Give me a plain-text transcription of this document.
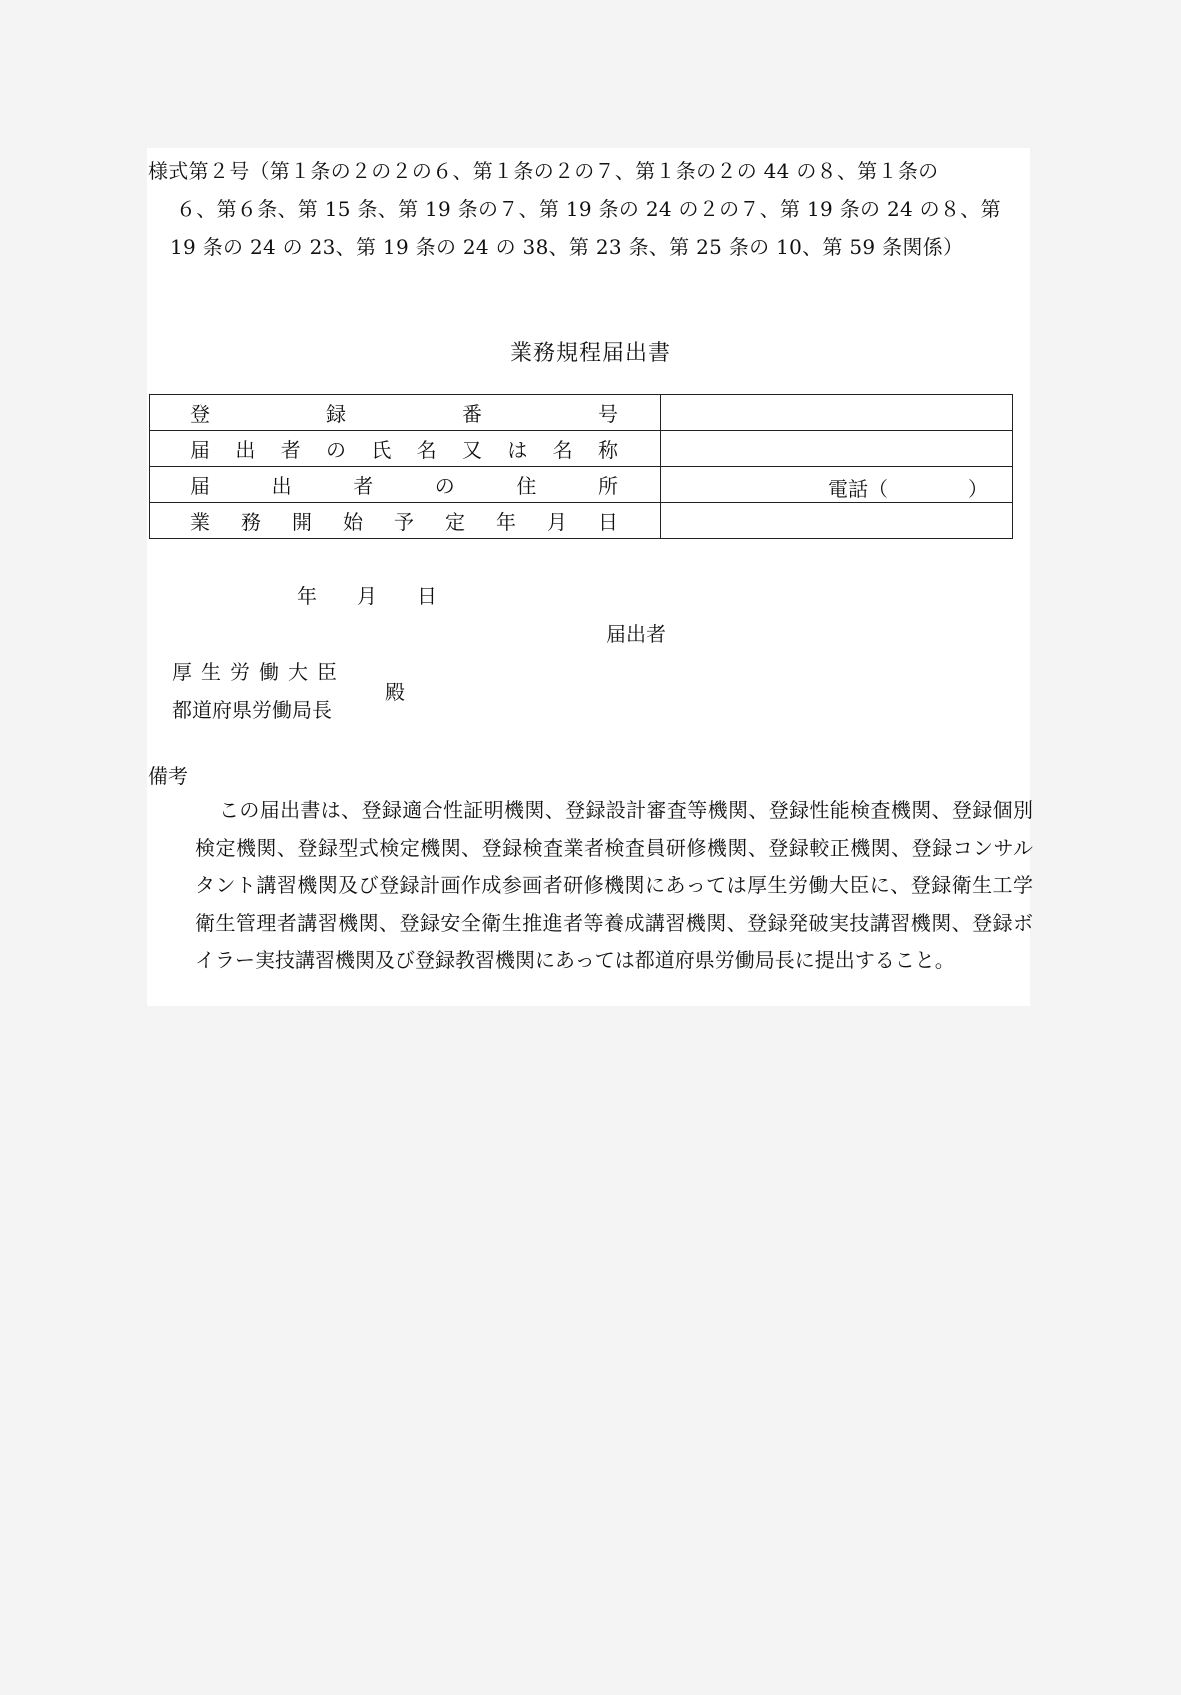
様式第２号（第１条の２の２の６、第１条の２の７、第１条の２の 44 の８、第１条の
６、第６条、第 15 条、第 19 条の７、第 19 条の 24 の２の７、第 19 条の 24 の８、第
19 条の 24 の 23、第 19 条の 24 の 38、第 23 条、第 25 条の 10、第 59 条関係）
業務規程届出書
登録番号	
届出者の氏名又は名称	
届出者の住所	電話（　　　　）

業務開始予定年月日	
年　　月　　日
届出者
厚生労働大臣
都道府県労働局長
殿
備考
この届出書は、登録適合性証明機関、登録設計審査等機関、登録性能検査機関、登録個別検定機関、登録型式検定機関、登録検査業者検査員研修機関、登録較正機関、登録コンサルタント講習機関及び登録計画作成参画者研修機関にあっては厚生労働大臣に、登録衛生工学衛生管理者講習機関、登録安全衛生推進者等養成講習機関、登録発破実技講習機関、登録ボイラー実技講習機関及び登録教習機関にあっては都道府県労働局長に提出すること。
